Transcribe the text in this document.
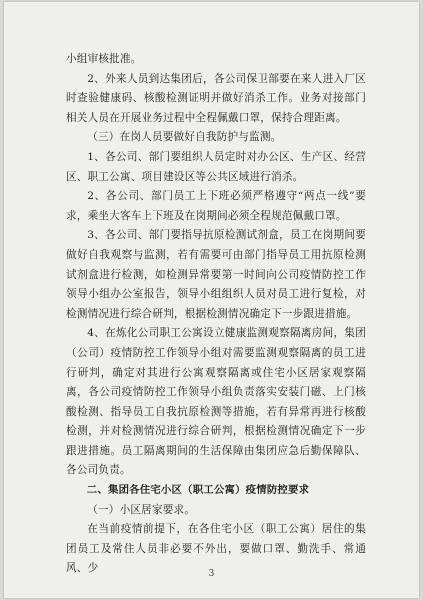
小组审核批准。

2、外来人员到达集团后，各公司保卫部要在来人进入厂区时查验健康码、核酸检测证明并做好消杀工作。业务对接部门相关人员在开展业务过程中全程佩戴口罩，保持合理距离。

（三）在岗人员要做好自我防护与监测。

1、各公司、部门要组织人员定时对办公区、生产区、经营区、职工公寓、项目建设区等公共区域进行消杀。

2、各公司、部门员工上下班必须严格遵守“两点一线”要求，乘坐大客车上下班及在岗期间必须全程规范佩戴口罩。

3、各公司、部门要指导抗原检测试剂盒，员工在岗期间要做好自我观察与监测，若有需要可由部门指导员工用抗原检测试剂盒进行检测，如检测异常要第一时间向公司疫情防控工作领导小组办公室报告，领导小组组织人员对员工进行复检，对检测情况进行综合研判，根据检测情况确定下一步跟进措施。

4、在炼化公司职工公寓设立健康监测观察隔离房间，集团（公司）疫情防控工作领导小组对需要监测观察隔离的员工进行研判，确定对其进行公寓观察隔离或住宅小区居家观察隔离，各公司疫情防控工作领导小组负责落实安装门磁、上门核酸检测、指导员工自我抗原检测等措施，若有异常再进行核酸检测，并对检测情况进行综合研判，根据检测情况确定下一步跟进措施。员工隔离期间的生活保障由集团应急后勤保障队、各公司负责。

二、集团各住宅小区（职工公寓）疫情防控要求

（一）小区居家要求。

在当前疫情前提下，在各住宅小区（职工公寓）居住的集团员工及常住人员非必要不外出，要做口罩、勤洗手、常通风、少	3
